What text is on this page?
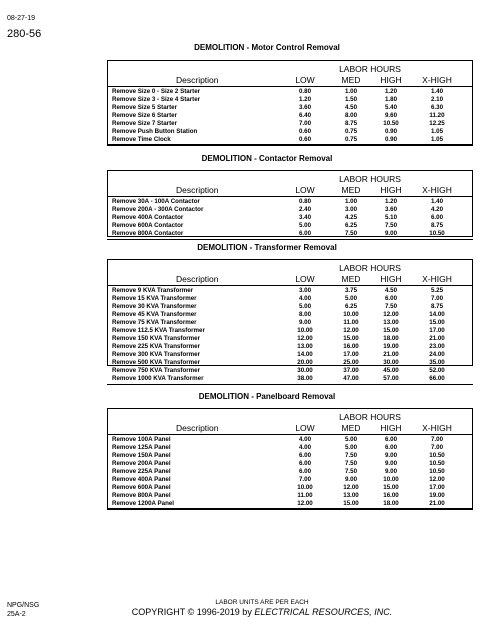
08-27-19
280-56
DEMOLITION - Motor Control Removal
LABOR HOURS
Description	LOW	MED	HIGH	X-HIGH
Remove Size 0 - Size 2 Starter	0.80	1.00	1.20	1.40
Remove Size 3 - Size 4 Starter	1.20	1.50	1.80	2.10
Remove Size 5 Starter	3.60	4.50	5.40	6.30
Remove Size 6 Starter	6.40	8.00	9.60	11.20
Remove Size 7 Starter	7.00	8.75	10.50	12.25
Remove Push Button Station	0.60	0.75	0.90	1.05
Remove Time Clock	0.60	0.75	0.90	1.05
DEMOLITION - Contactor Removal
LABOR HOURS
Description	LOW	MED	HIGH	X-HIGH
Remove 30A - 100A Contactor	0.80	1.00	1.20	1.40
Remove 200A - 300A Contactor	2.40	3.00	3.60	4.20
Remove 400A Contactor	3.40	4.25	5.10	6.00
Remove 600A Contactor	5.00	6.25	7.50	8.75
Remove 800A Contactor	6.00	7.50	9.00	10.50
DEMOLITION - Transformer Removal
LABOR HOURS
Description	LOW	MED	HIGH	X-HIGH
Remove 9 KVA Transformer	3.00	3.75	4.50	5.25
Remove 15 KVA Transformer	4.00	5.00	6.00	7.00
Remove 30 KVA Transformer	5.00	6.25	7.50	8.75
Remove 45 KVA Transformer	8.00	10.00	12.00	14.00
Remove 75 KVA Transformer	9.00	11.00	13.00	15.00
Remove 112.5 KVA Transformer	10.00	12.00	15.00	17.00
Remove 150 KVA Transformer	12.00	15.00	18.00	21.00
Remove 225 KVA Transformer	13.00	16.00	19.00	23.00
Remove 300 KVA Transformer	14.00	17.00	21.00	24.00
Remove 500 KVA Transformer	20.00	25.00	30.00	35.00
Remove 750 KVA Transformer	30.00	37.00	45.00	52.00
Remove 1000 KVA Transformer	38.00	47.00	57.00	66.00
DEMOLITION - Panelboard Removal
LABOR HOURS
Description	LOW	MED	HIGH	X-HIGH
Remove 100A Panel	4.00	5.00	6.00	7.00
Remove 125A Panel	4.00	5.00	6.00	7.00
Remove 150A Panel	6.00	7.50	9.00	10.50
Remove 200A Panel	6.00	7.50	9.00	10.50
Remove 225A Panel	6.00	7.50	9.00	10.50
Remove 400A Panel	7.00	9.00	10.00	12.00
Remove 600A Panel	10.00	12.00	15.00	17.00
Remove 800A Panel	11.00	13.00	16.00	19.00
Remove 1200A Panel	12.00	15.00	18.00	21.00
NPG/NSG
25A-2
LABOR UNITS ARE PER EACH
COPYRIGHT © 1996-2019 by ELECTRICAL RESOURCES, INC.
